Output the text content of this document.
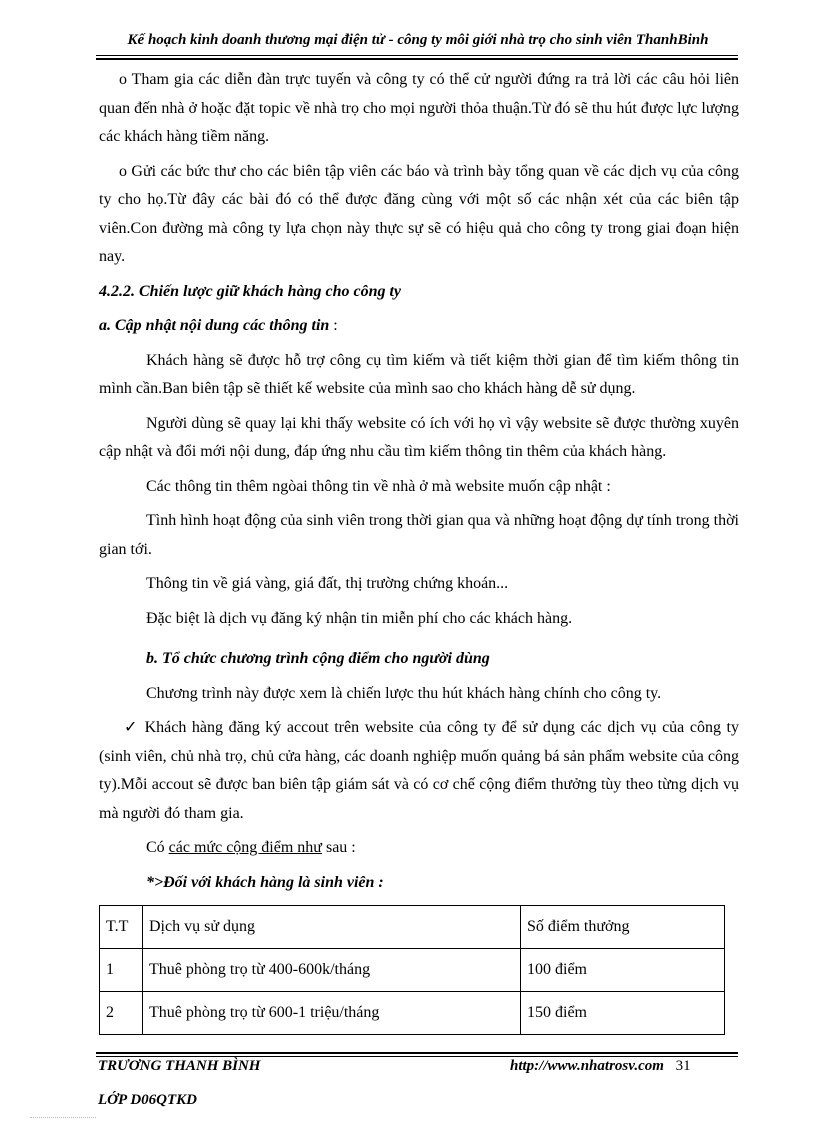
Kế hoạch kinh doanh thương mại điện tử - công ty môi giới nhà trọ cho sinh viên ThanhBinh

o Tham gia các diễn đàn trực tuyến và công ty có thể cử người đứng ra trả lời các câu hỏi liên quan đến nhà ở hoặc đặt topic về nhà trọ cho mọi người thỏa thuận.Từ đó sẽ thu hút được lực lượng các khách hàng tiềm năng.

o Gửi các bức thư cho các biên tập viên các báo và trình bày tổng quan về các dịch vụ của công ty cho họ.Từ đây các bài đó có thể được đăng cùng với một số các nhận xét của các biên tập viên.Con đường mà công ty lựa chọn này thực sự sẽ có hiệu quả cho công ty trong giai đoạn hiện nay.

4.2.2. Chiến lược giữ khách hàng cho công ty

a. Cập nhật nội dung các thông tin :

Khách hàng sẽ được hỗ trợ công cụ tìm kiếm và tiết kiệm thời gian để tìm kiếm thông tin mình cần.Ban biên tập sẽ thiết kế website của mình sao cho khách hàng dễ sử dụng.

Người dùng sẽ quay lại khi thấy website có ích với họ vì vậy website sẽ được thường xuyên cập nhật và đổi mới nội dung, đáp ứng nhu cầu tìm kiếm thông tin thêm của khách hàng.

Các thông tin thêm ngòai thông tin về nhà ở mà website muốn cập nhật :

Tình hình hoạt động của sinh viên trong thời gian qua và những hoạt động dự tính trong thời gian tới.

Thông tin về giá vàng, giá đất, thị trường chứng khoán...

Đặc biệt là dịch vụ đăng ký nhận tin miễn phí cho các khách hàng.

b. Tổ chức chương trình cộng điểm cho người dùng

Chương trình này được xem là chiến lược thu hút khách hàng chính cho công ty.

✓ Khách hàng đăng ký accout trên website của công ty để sử dụng các dịch vụ của công ty (sinh viên, chủ nhà trọ, chủ cửa hàng, các doanh nghiệp muốn quảng bá sản phẩm website của công ty).Mỗi accout sẽ được ban biên tập giám sát và có cơ chế cộng điểm thưởng tùy theo từng dịch vụ mà người đó tham gia.

Có các mức cộng điểm như sau :

*>Đối với khách hàng là sinh viên :

T.T	Dịch vụ sử dụng	Số điểm thưởng
1	Thuê phòng trọ từ 400-600k/tháng	100 điểm
2	Thuê phòng trọ từ 600-1 triệu/tháng	150 điểm
TRƯƠNG THANH BÌNH	http://www.nhatrosv.com 31
LỚP D06QTKD
